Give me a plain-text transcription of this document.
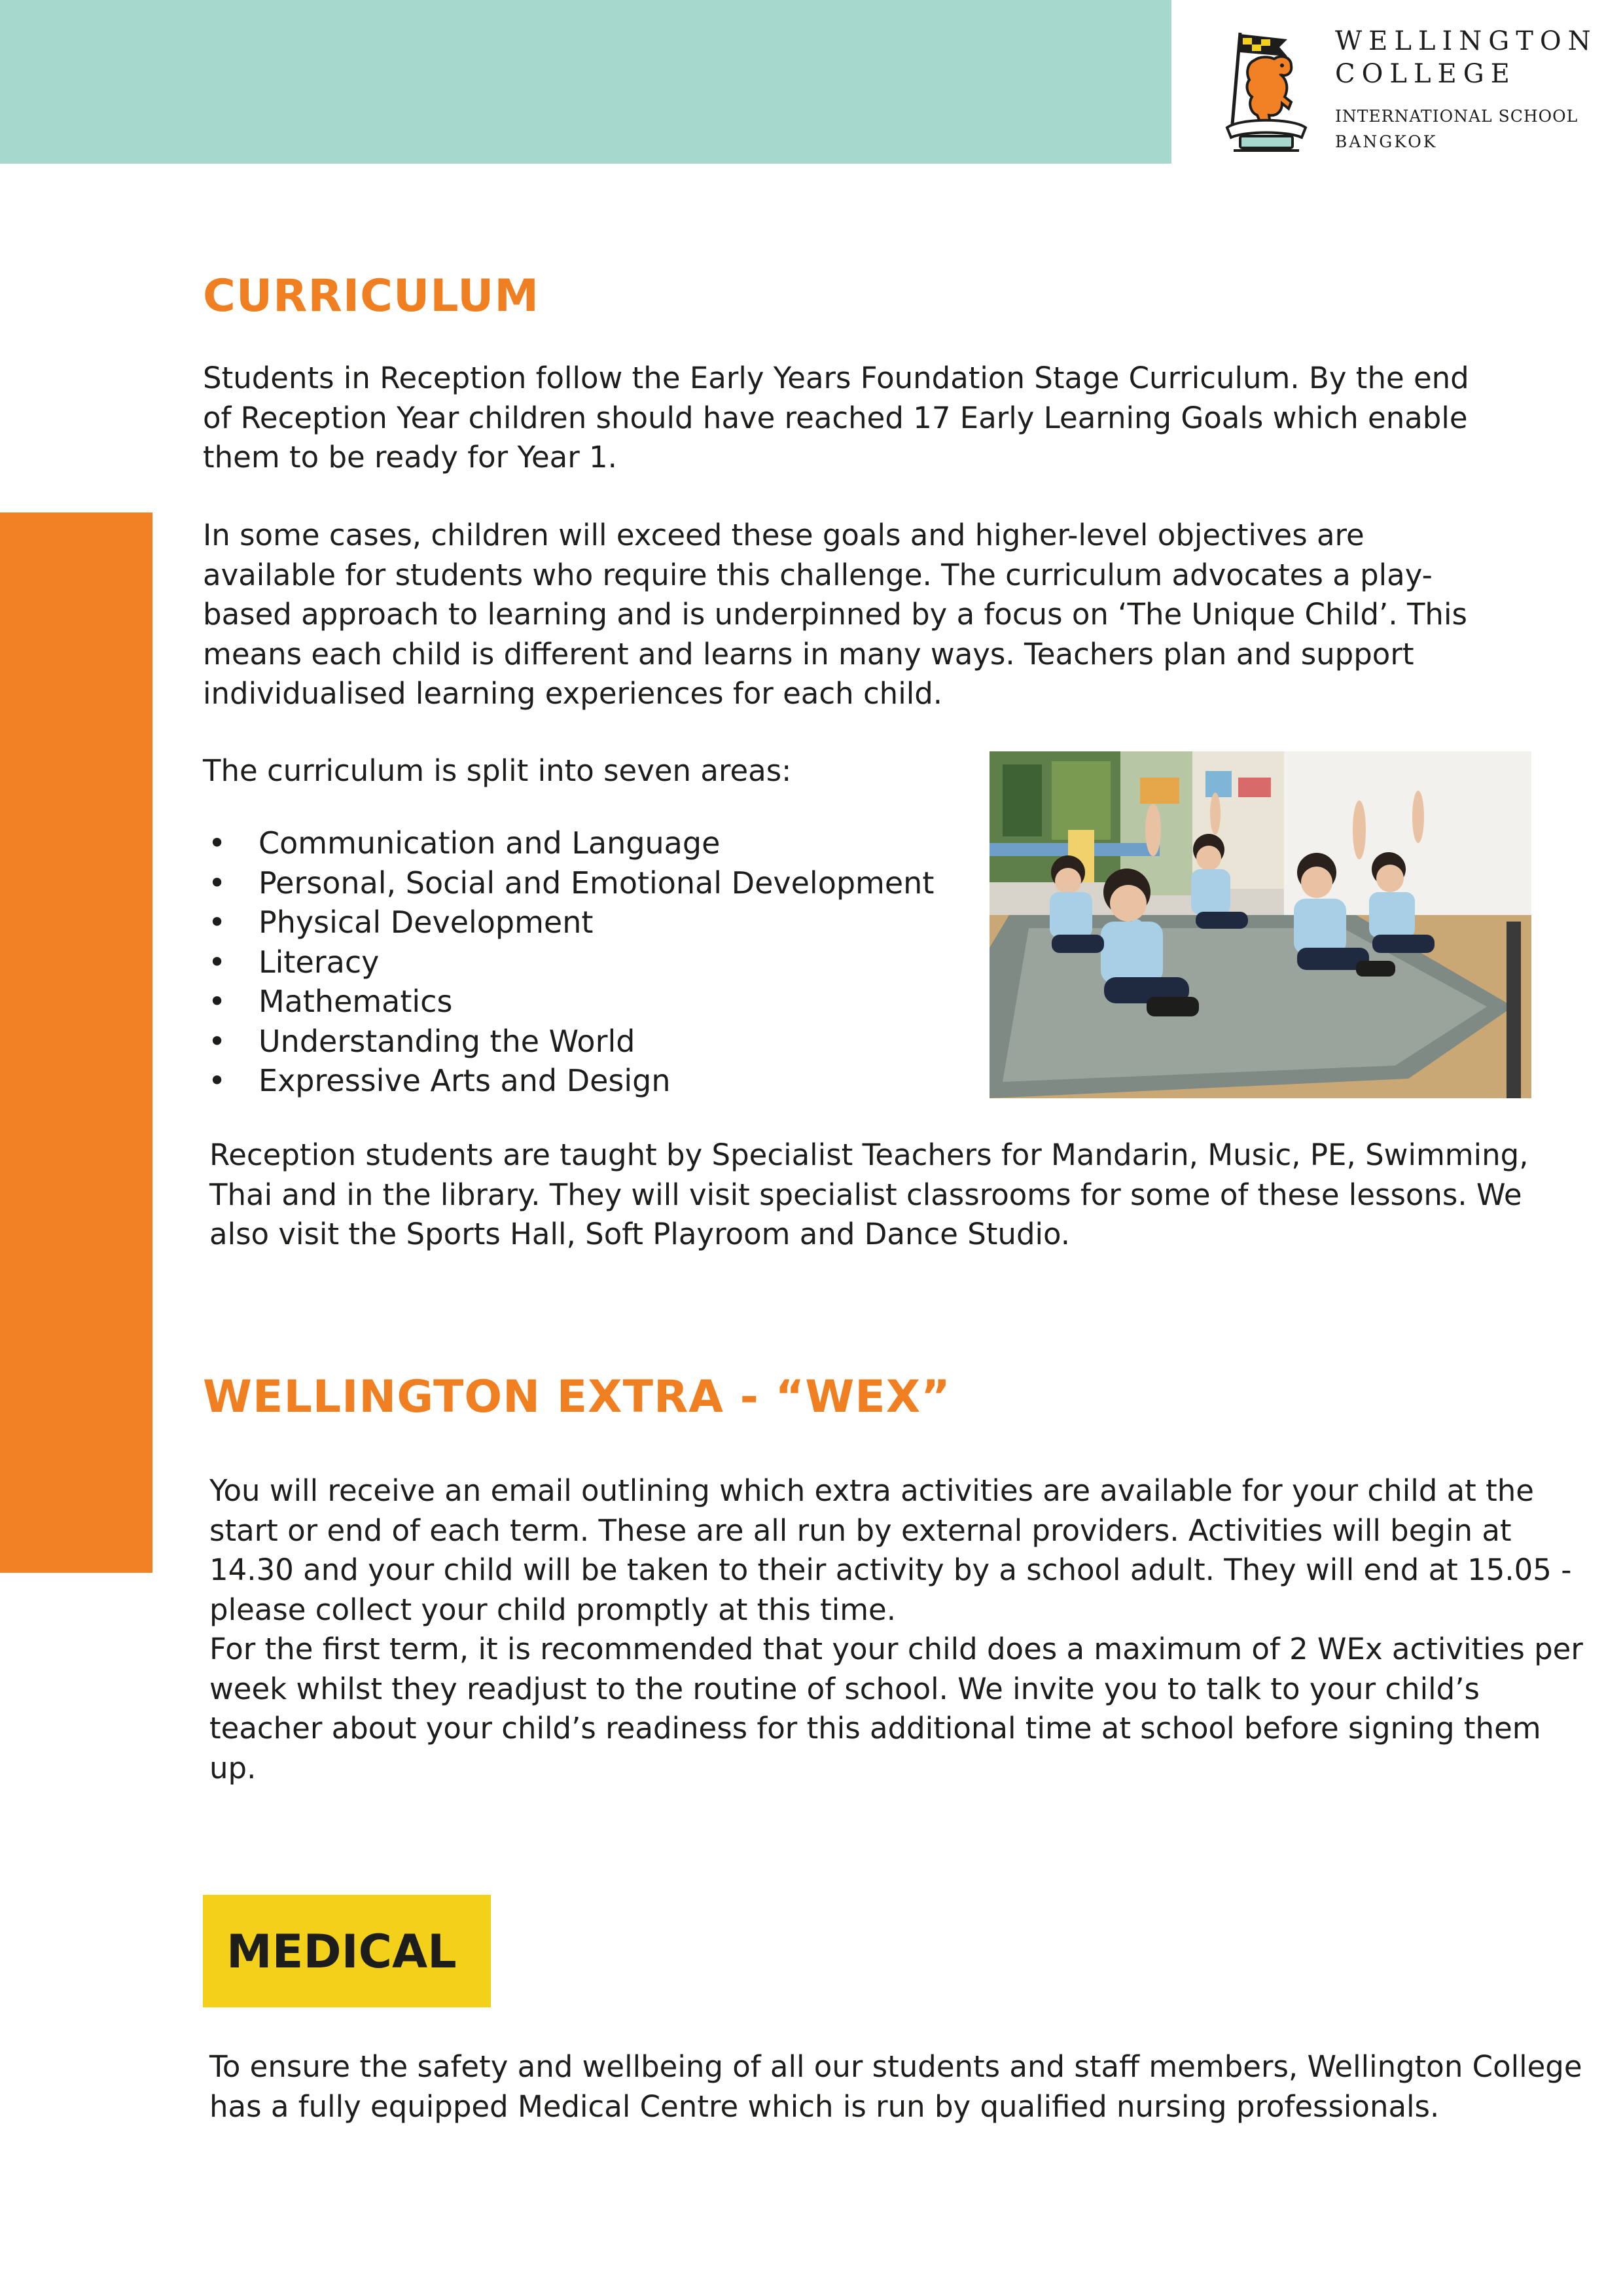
WELLINGTON
COLLEGE
INTERNATIONAL SCHOOL
BANGKOK
CURRICULUM

Students in Reception follow the Early Years Foundation Stage Curriculum. By the end of Reception Year children should have reached 17 Early Learning Goals which enable them to be ready for Year 1.

In some cases, children will exceed these goals and higher-level objectives are available for students who require this challenge. The curriculum advocates a play-based approach to learning and is underpinned by a focus on ‘The Unique Child’. This means each child is different and learns in many ways. Teachers plan and support individualised learning experiences for each child.

The curriculum is split into seven areas:

• Communication and Language
• Personal, Social and Emotional Development
• Physical Development
• Literacy
• Mathematics
• Understanding the World
• Expressive Arts and Design

Reception students are taught by Specialist Teachers for Mandarin, Music, PE, Swimming, Thai and in the library. They will visit specialist classrooms for some of these lessons. We also visit the Sports Hall, Soft Playroom and Dance Studio.

WELLINGTON EXTRA - “WEX”

You will receive an email outlining which extra activities are available for your child at the start or end of each term. These are all run by external providers. Activities will begin at 14.30 and your child will be taken to their activity by a school adult. They will end at 15.05 - please collect your child promptly at this time.

For the first term, it is recommended that your child does a maximum of 2 WEx activities per week whilst they readjust to the routine of school. We invite you to talk to your child’s teacher about your child’s readiness for this additional time at school before signing them up.

MEDICAL

To ensure the safety and wellbeing of all our students and staff members, Wellington College has a fully equipped Medical Centre which is run by qualified nursing professionals.
